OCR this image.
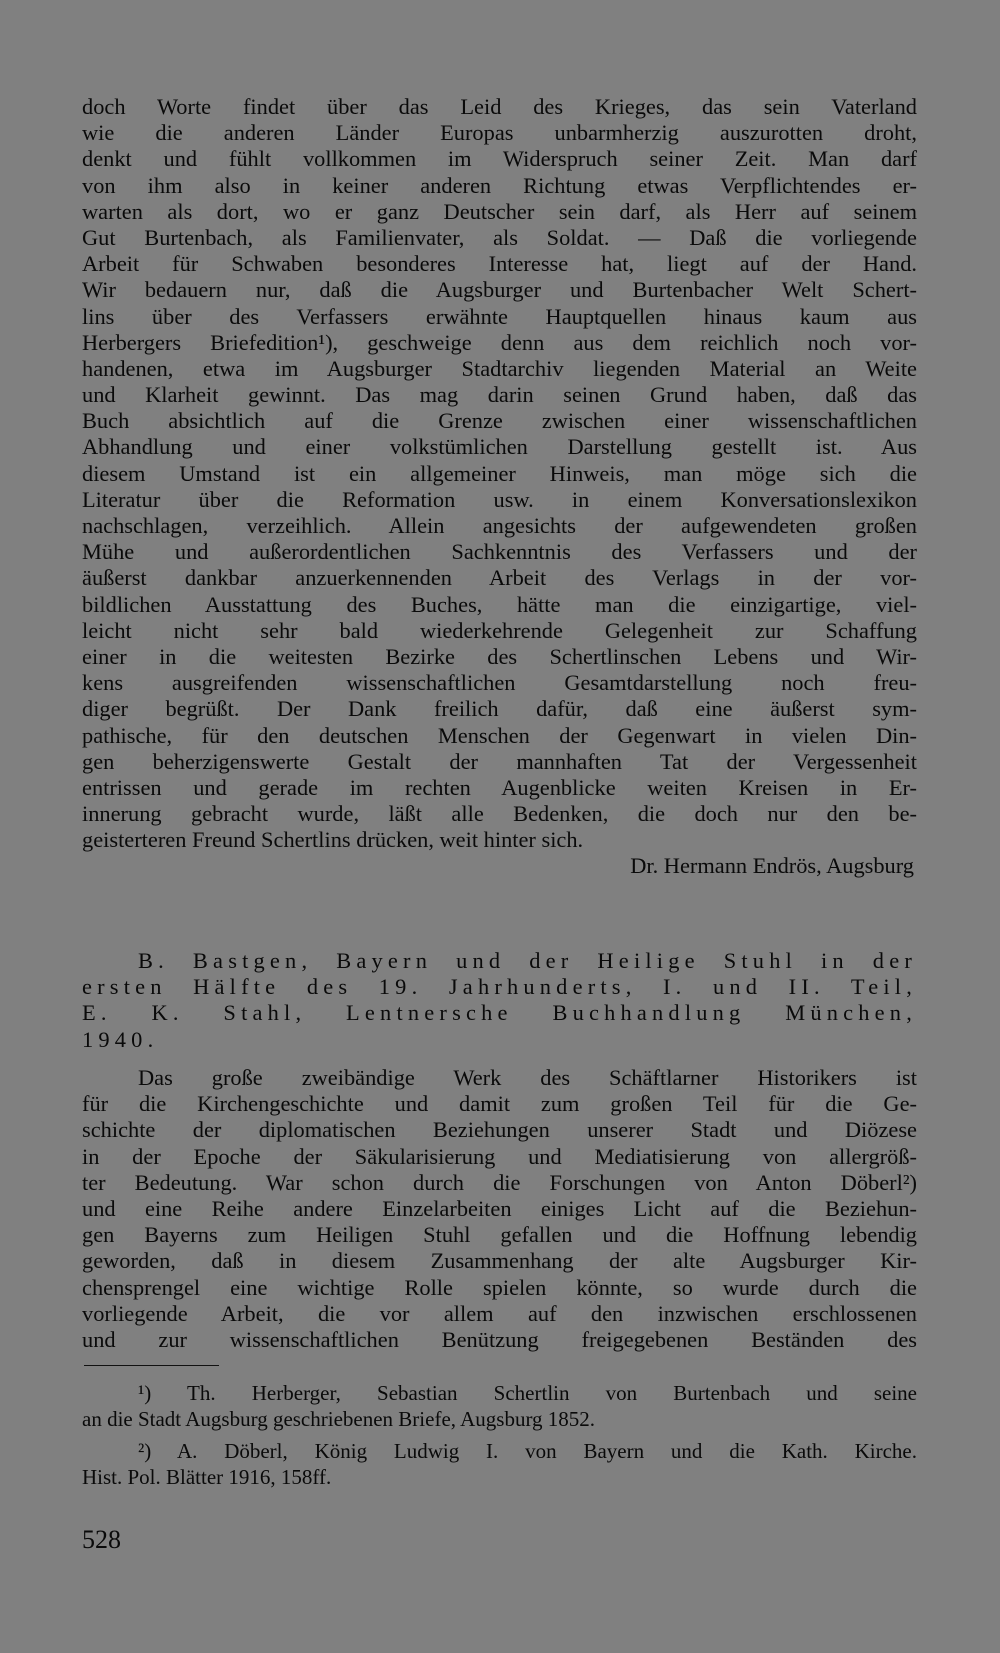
doch Worte findet über das Leid des Krieges, das sein Vaterland
wie die anderen Länder Europas unbarmherzig auszurotten droht,
denkt und fühlt vollkommen im Widerspruch seiner Zeit. Man darf
von ihm also in keiner anderen Richtung etwas Verpflichtendes er-
warten als dort, wo er ganz Deutscher sein darf, als Herr auf seinem
Gut Burtenbach, als Familienvater, als Soldat. — Daß die vorliegende
Arbeit für Schwaben besonderes Interesse hat, liegt auf der Hand.
Wir bedauern nur, daß die Augsburger und Burtenbacher Welt Schert-
lins über des Verfassers erwähnte Hauptquellen hinaus kaum aus
Herbergers Briefedition¹), geschweige denn aus dem reichlich noch vor-
handenen, etwa im Augsburger Stadtarchiv liegenden Material an Weite
und Klarheit gewinnt. Das mag darin seinen Grund haben, daß das
Buch absichtlich auf die Grenze zwischen einer wissenschaftlichen
Abhandlung und einer volkstümlichen Darstellung gestellt ist. Aus
diesem Umstand ist ein allgemeiner Hinweis, man möge sich die
Literatur über die Reformation usw. in einem Konversationslexikon
nachschlagen, verzeihlich. Allein angesichts der aufgewendeten großen
Mühe und außerordentlichen Sachkenntnis des Verfassers und der
äußerst dankbar anzuerkennenden Arbeit des Verlags in der vor-
bildlichen Ausstattung des Buches, hätte man die einzigartige, viel-
leicht nicht sehr bald wiederkehrende Gelegenheit zur Schaffung
einer in die weitesten Bezirke des Schertlinschen Lebens und Wir-
kens ausgreifenden wissenschaftlichen Gesamtdarstellung noch freu-
diger begrüßt. Der Dank freilich dafür, daß eine äußerst sym-
pathische, für den deutschen Menschen der Gegenwart in vielen Din-
gen beherzigenswerte Gestalt der mannhaften Tat der Vergessenheit
entrissen und gerade im rechten Augenblicke weiten Kreisen in Er-
innerung gebracht wurde, läßt alle Bedenken, die doch nur den be-
geisterteren Freund Schertlins drücken, weit hinter sich.
Dr. Hermann Endrös, Augsburg
B. Bastgen, Bayern und der Heilige Stuhl in der
ersten Hälfte des 19. Jahrhunderts, I. und II. Teil,
E. K. Stahl, Lentnersche Buchhandlung München,
1940.
Das große zweibändige Werk des Schäftlarner Historikers ist
für die Kirchengeschichte und damit zum großen Teil für die Ge-
schichte der diplomatischen Beziehungen unserer Stadt und Diözese
in der Epoche der Säkularisierung und Mediatisierung von allergröß-
ter Bedeutung. War schon durch die Forschungen von Anton Döberl²)
und eine Reihe andere Einzelarbeiten einiges Licht auf die Beziehun-
gen Bayerns zum Heiligen Stuhl gefallen und die Hoffnung lebendig
geworden, daß in diesem Zusammenhang der alte Augsburger Kir-
chensprengel eine wichtige Rolle spielen könnte, so wurde durch die
vorliegende Arbeit, die vor allem auf den inzwischen erschlossenen
und zur wissenschaftlichen Benützung freigegebenen Beständen des
¹) Th. Herberger, Sebastian Schertlin von Burtenbach und seine
an die Stadt Augsburg geschriebenen Briefe, Augsburg 1852.
²) A. Döberl, König Ludwig I. von Bayern und die Kath. Kirche.
Hist. Pol. Blätter 1916, 158ff.
528
